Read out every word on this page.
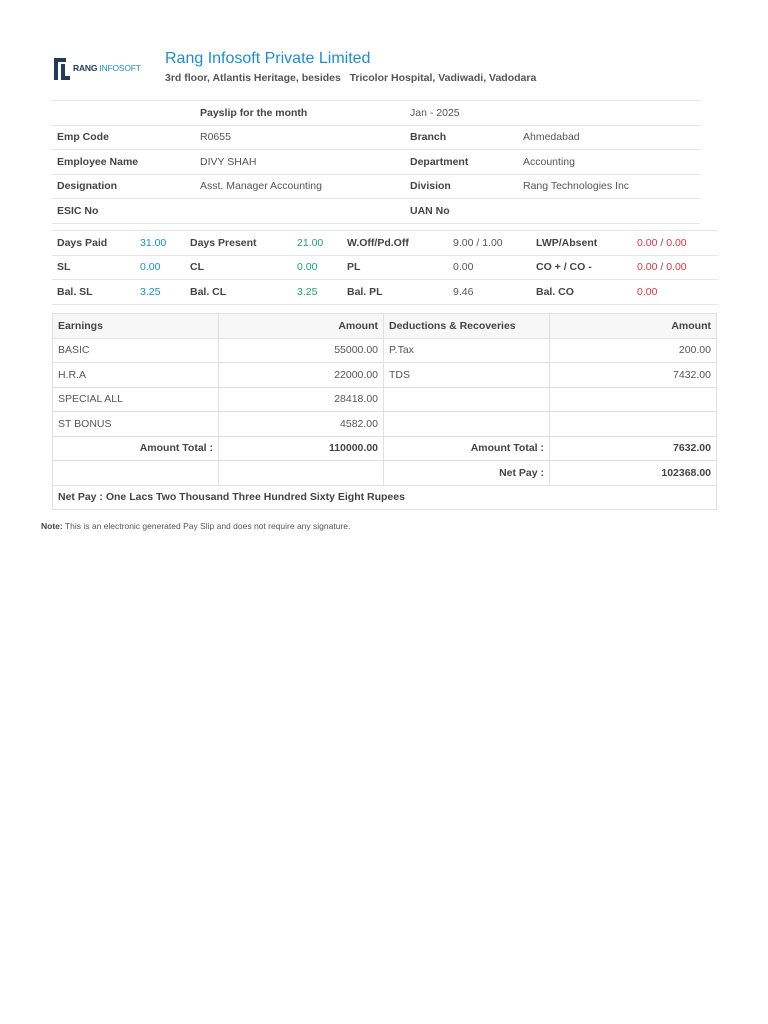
RANG INFOSOFT
Rang Infosoft Private Limited
3rd floor, Atlantis Heritage, besides   Tricolor Hospital, Vadiwadi, Vadodara
	Payslip for the month	Jan - 2025	
Emp Code	R0655	Branch	Ahmedabad
Employee Name	DIVY SHAH	Department	Accounting
Designation	Asst. Manager Accounting	Division	Rang Technologies Inc
ESIC No		UAN No	
Days Paid	31.00	Days Present	21.00	W.Off/Pd.Off	9.00 / 1.00	LWP/Absent	0.00 / 0.00
SL	0.00	CL	0.00	PL	0.00	CO + / CO -	0.00 / 0.00
Bal. SL	3.25	Bal. CL	3.25	Bal. PL	9.46	Bal. CO	0.00
Earnings	Amount	Deductions & Recoveries	Amount
BASIC	55000.00	P.Tax	200.00
H.R.A	22000.00	TDS	7432.00
SPECIAL ALL	28418.00		
ST BONUS	4582.00		
Amount Total :	110000.00	Amount Total :	7632.00
		Net Pay :	102368.00
Net Pay : One Lacs Two Thousand Three Hundred Sixty Eight Rupees			
Note: This is an electronic generated Pay Slip and does not require any signature.
